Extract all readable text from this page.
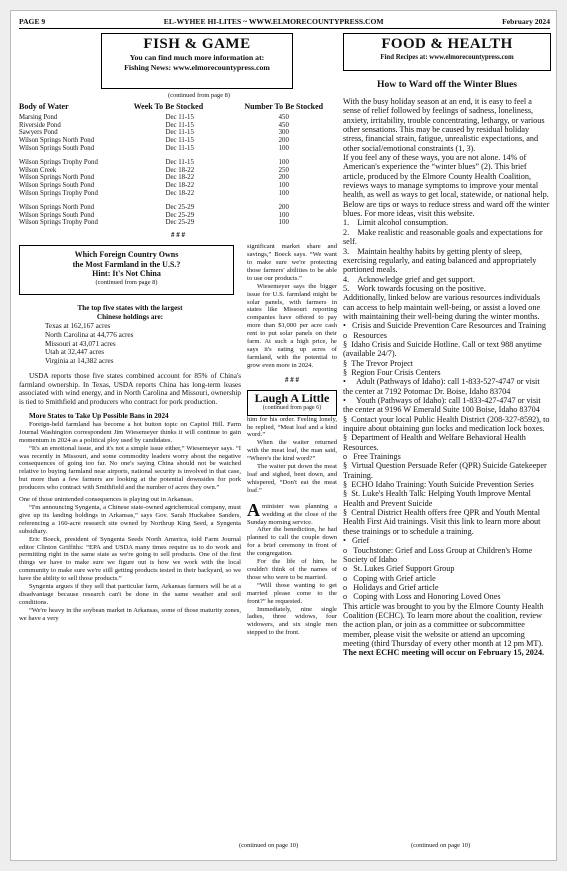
PAGE 9	EL-WYHEE HI-LITES ~ WWW.ELMORECOUNTYPRESS.COM	February 2024
FISH & GAME
You can find much more information at:
Fishing News: www.elmorecountypress.com
(continued from page 8)
Body of Water	Week To Be Stocked	Number To Be Stocked
Marsing Pond	Dec 11-15	450
Riverside Pond	Dec 11-15	450
Sawyers Pond	Dec 11-15	300
Wilson Springs North Pond	Dec 11-15	200
Wilson Springs South Pond	Dec 11-15	100

Wilson Springs Trophy Pond	Dec 11-15	100
Wilson Creek	Dec 18-22	250
Wilson Springs North Pond	Dec 18-22	200
Wilson Springs South Pond	Dec 18-22	100
Wilson Springs Trophy Pond	Dec 18-22	100

Wilson Springs North Pond	Dec 25-29	200
Wilson Springs South Pond	Dec 25-29	100
Wilson Springs Trophy Pond	Dec 25-29	100
# # #
Which Foreign Country Owns
the Most Farmland in the U.S.?
Hint: It's Not China
(continued from page 8)
The top five states with the largest
Chinese holdings are:
Texas at 162,167 acres
North Carolina at 44,776 acres
Missouri at 43,071 acres
Utah at 32,447 acres
Virginia at 14,382 acres

USDA reports those five states combined account for 85% of China's farmland ownership. In Texas, USDA reports China has long-term leases associated with wind energy, and in North Carolina and Missouri, ownership is tied to Smithfield and producers who contract for pork production.

More States to Take Up Possible Bans in 2024

Foreign-held farmland has become a hot button topic on Capitol Hill. Farm Journal Washington correspondent Jim Wiesemeyer thinks it will continue to gain momentum in 2024 as a political ploy used by candidates.

“It's an emotional issue, and it's not a simple issue either,” Wiesemeyer says. “I was recently in Missouri, and some commodity leaders worry about the negative consequences of going too far. No one's saying China should not be watched relative to buying farmland near airports, national security is involved in that case, but more than a few farmers are looking at the potential downsides for pork producers who contract with Smithfield and the number of acres they own.”

One of those unintended consequences is playing out in Arkansas.

“I'm announcing Syngenta, a Chinese state-owned agrichemical company, must give up its landing holdings in Arkansas,” says Gov. Sarah Huckabee Sanders, referencing a 160-acre research site owned by Northrup King Seed, a Syngenta subsidiary.

Eric Boeck, president of Syngenta Seeds North America, told Farm Journal editor Clinton Griffiths: “EPA and USDA many times require us to do work and permitting right in the same state as we're going to sell products. One of the first things we have to make sure we figure out is how we work with the local community to make sure we're still getting products tested in their backyard, so we have the ability to sell those products.”

Syngenta argues if they sell that particular farm, Arkansas farmers will be at a disadvantage because research can't be done in the same weather and soil conditions.

“We're heavy in the soybean market in Arkansas, some of those maturity zones, we have a very

significant market share and savings,” Boeck says. “We want to make sure we're protecting those farmers' abilities to be able to use our products.”

Wiesemeyer says the bigger issue for U.S. farmland might be solar panels, with farmers in states like Missouri reporting companies have offered to pay more than $1,000 per acre cash rent to put solar panels on their farm. At such a high price, he says it's eating up acres of farmland, with the potential to grow even more in 2024.

# # #
Laugh A Little
(continued from page 6)

him for his order. Feeling lonely, he replied, “Meat loaf and a kind word.”

When the waiter returned with the meat loaf, the man said, “Where's the kind word?”

The waiter put down the meat loaf and sighed, bent down, and whispered, “Don't eat the meat loaf.”

Aminister was planning a wedding at the close of the Sunday morning service.

After the benediction, he had planned to call the couple down for a brief ceremony in front of the congregation.

For the life of him, he couldn't think of the names of those who were to be married.

“Will those wanting to get married please come to the front?” he requested.

Immediately, nine single ladies, three widows, four widowers, and six single men stepped to the front.

(continued on page 10)
FOOD & HEALTH
Find Recipes at: www.elmorecountypress.com
How to Ward off the Winter Blues
With the busy holiday season at an end, it is easy to feel a sense of relief followed by feelings of sadness, loneliness, anxiety, irritability, trouble concentrating, lethargy, or various other sensations. This may be caused by residual holiday stress, financial strain, fatigue, unrealistic expectations, and other social/emotional constraints (1, 3).
If you feel any of these ways, you are not alone. 14% of American's experience the “winter blues” (2). This brief article, produced by the Elmore County Health Coalition, reviews ways to manage symptoms to improve your mental health, as well as ways to get local, statewide, or national help.
Below are tips or ways to reduce stress and ward off the winter blues. For more ideas, visit this website.
1.    Limit alcohol consumption.
2.    Make realistic and reasonable goals and expectations for self.
3.    Maintain healthy habits by getting plenty of sleep, exercising regularly, and eating balanced and appropriately portioned meals.
4.    Acknowledge grief and get support.
5.    Work towards focusing on the positive.
Additionally, linked below are various resources individuals can access to help maintain well-being, or assist a loved one with maintaining their well-being during the winter months.
•   Crisis and Suicide Prevention Care Resources and Training
o   Resources
§  Idaho Crisis and Suicide Hotline. Call or text 988 anytime (available 24/7).
§  The Trevor Project
§  Region Four Crisis Centers
•     Adult (Pathways of Idaho): call 1-833-527-4747 or visit the center at 7192 Potomac Dr. Boise, Idaho 83704
•     Youth (Pathways of Idaho): call 1-833-427-4747 or visit the center at 9196 W Emerald Suite 100 Boise, Idaho 83704
§  Contact your local Public Health District (208-327-8592), to inquire about obtaining gun locks and medication lock boxes.
§  Department of Health and Welfare Behavioral Health Resources.
o   Free Trainings
§  Virtual Question Persuade Refer (QPR) Suicide Gatekeeper Training.
§  ECHO Idaho Training: Youth Suicide Prevention Series
§  St. Luke's Health Talk: Helping Youth Improve Mental Health and Prevent Suicide
§  Central District Health offers free QPR and Youth Mental Health First Aid trainings. Visit this link to learn more about these trainings or to schedule a training.
•   Grief
o   Touchstone: Grief and Loss Group at Children's Home Society of Idaho
o   St. Lukes Grief Support Group
o   Coping with Grief article
o   Holidays and Grief article
o   Coping with Loss and Honoring Loved Ones

This article was brought to you by the Elmore County Health Coalition (ECHC). To learn more about the coalition, review the action plan, or join as a committee or subcommittee member, please visit the website or attend an upcoming meeting (third Thursday of every other month at 12 pm MT). The next ECHC meeting will occur on February 15, 2024.

(continued on page 10)
